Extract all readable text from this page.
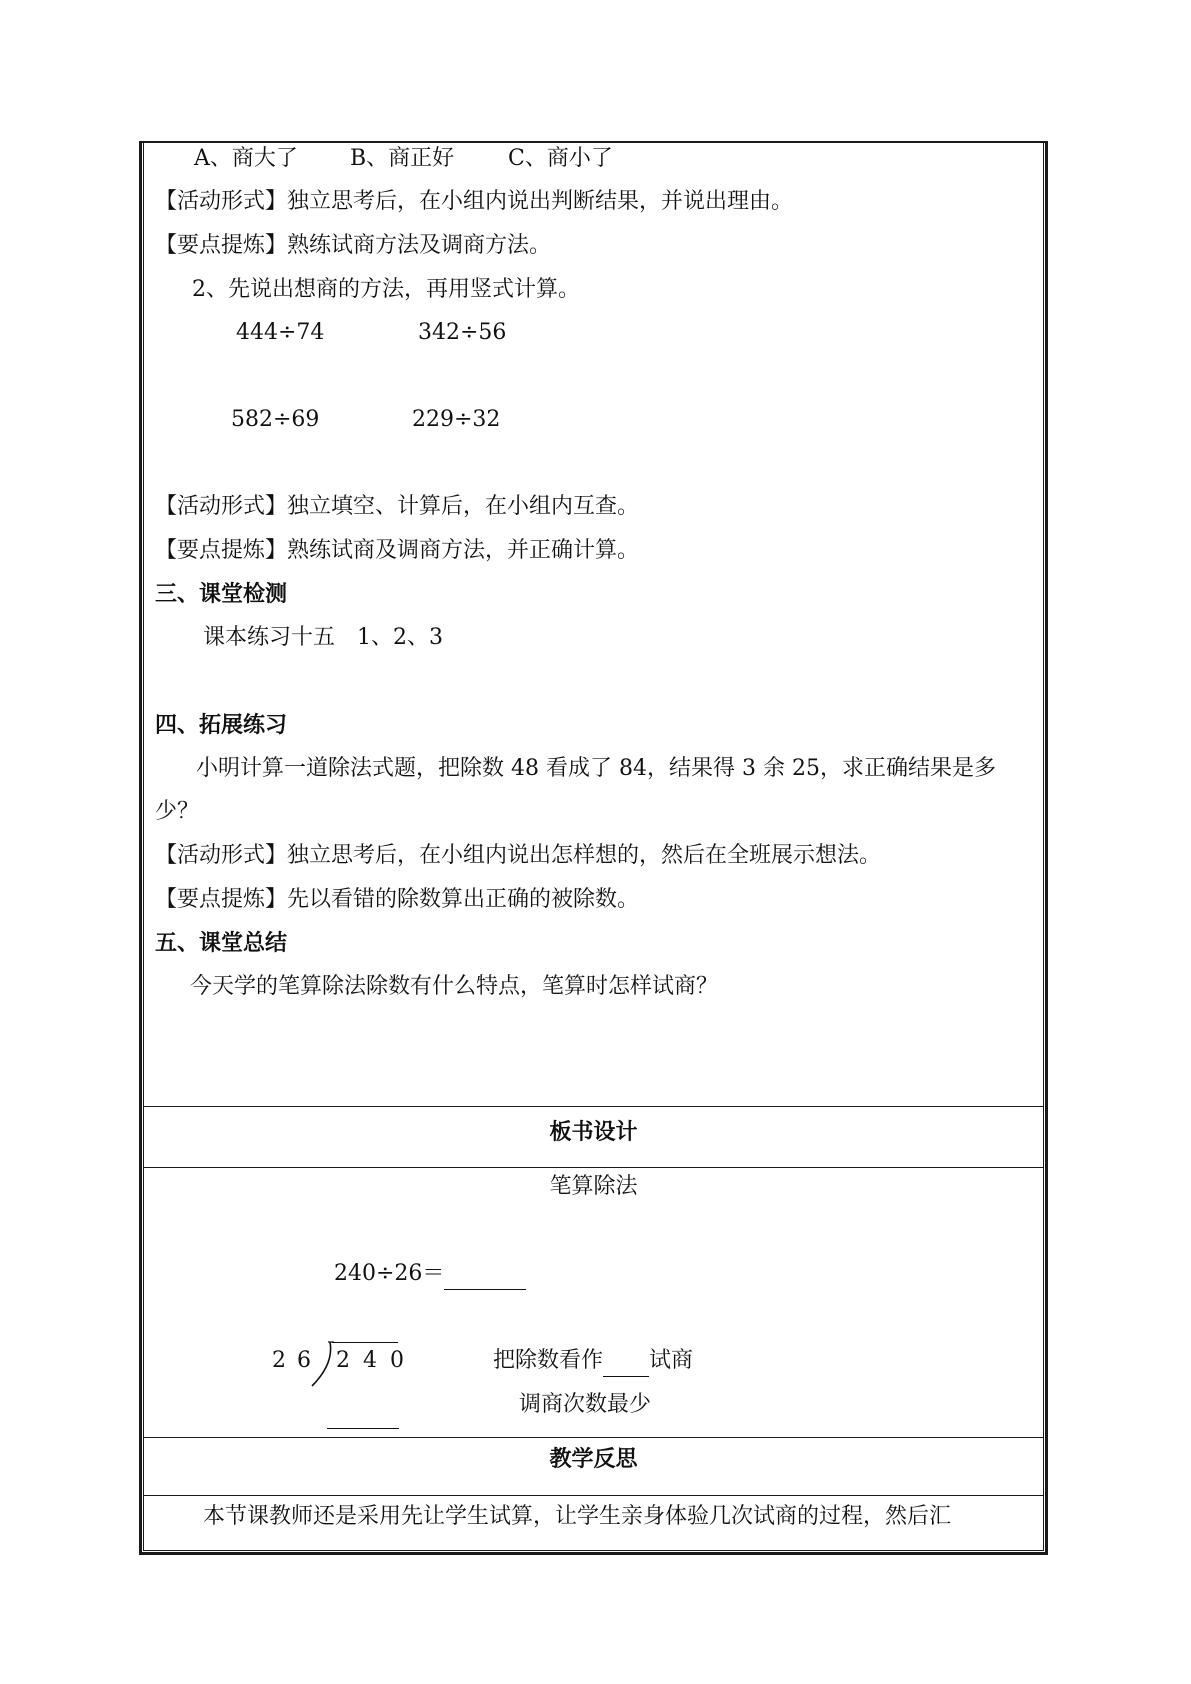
A、商大了 B、商正好 C、商小了
【活动形式】独立思考后，在小组内说出判断结果，并说出理由。
【要点提炼】熟练试商方法及调商方法。
2、先说出想商的方法，再用竖式计算。
444÷74	342÷56
582÷69	229÷32
【活动形式】独立填空、计算后，在小组内互查。
【要点提炼】熟练试商及调商方法，并正确计算。
三、课堂检测
课本练习十五　1、2、3
四、拓展练习
小明计算一道除法式题，把除数 48 看成了 84，结果得 3 余 25，求正确结果是多
少？
【活动形式】独立思考后，在小组内说出怎样想的，然后在全班展示想法。
【要点提炼】先以看错的除数算出正确的被除数。
五、课堂总结
今天学的笔算除法除数有什么特点，笔算时怎样试商？
板书设计
笔算除法
240÷26＝
2 6 2 4 0	把除数看作 试商
调商次数最少
教学反思
本节课教师还是采用先让学生试算，让学生亲身体验几次试商的过程，然后汇
